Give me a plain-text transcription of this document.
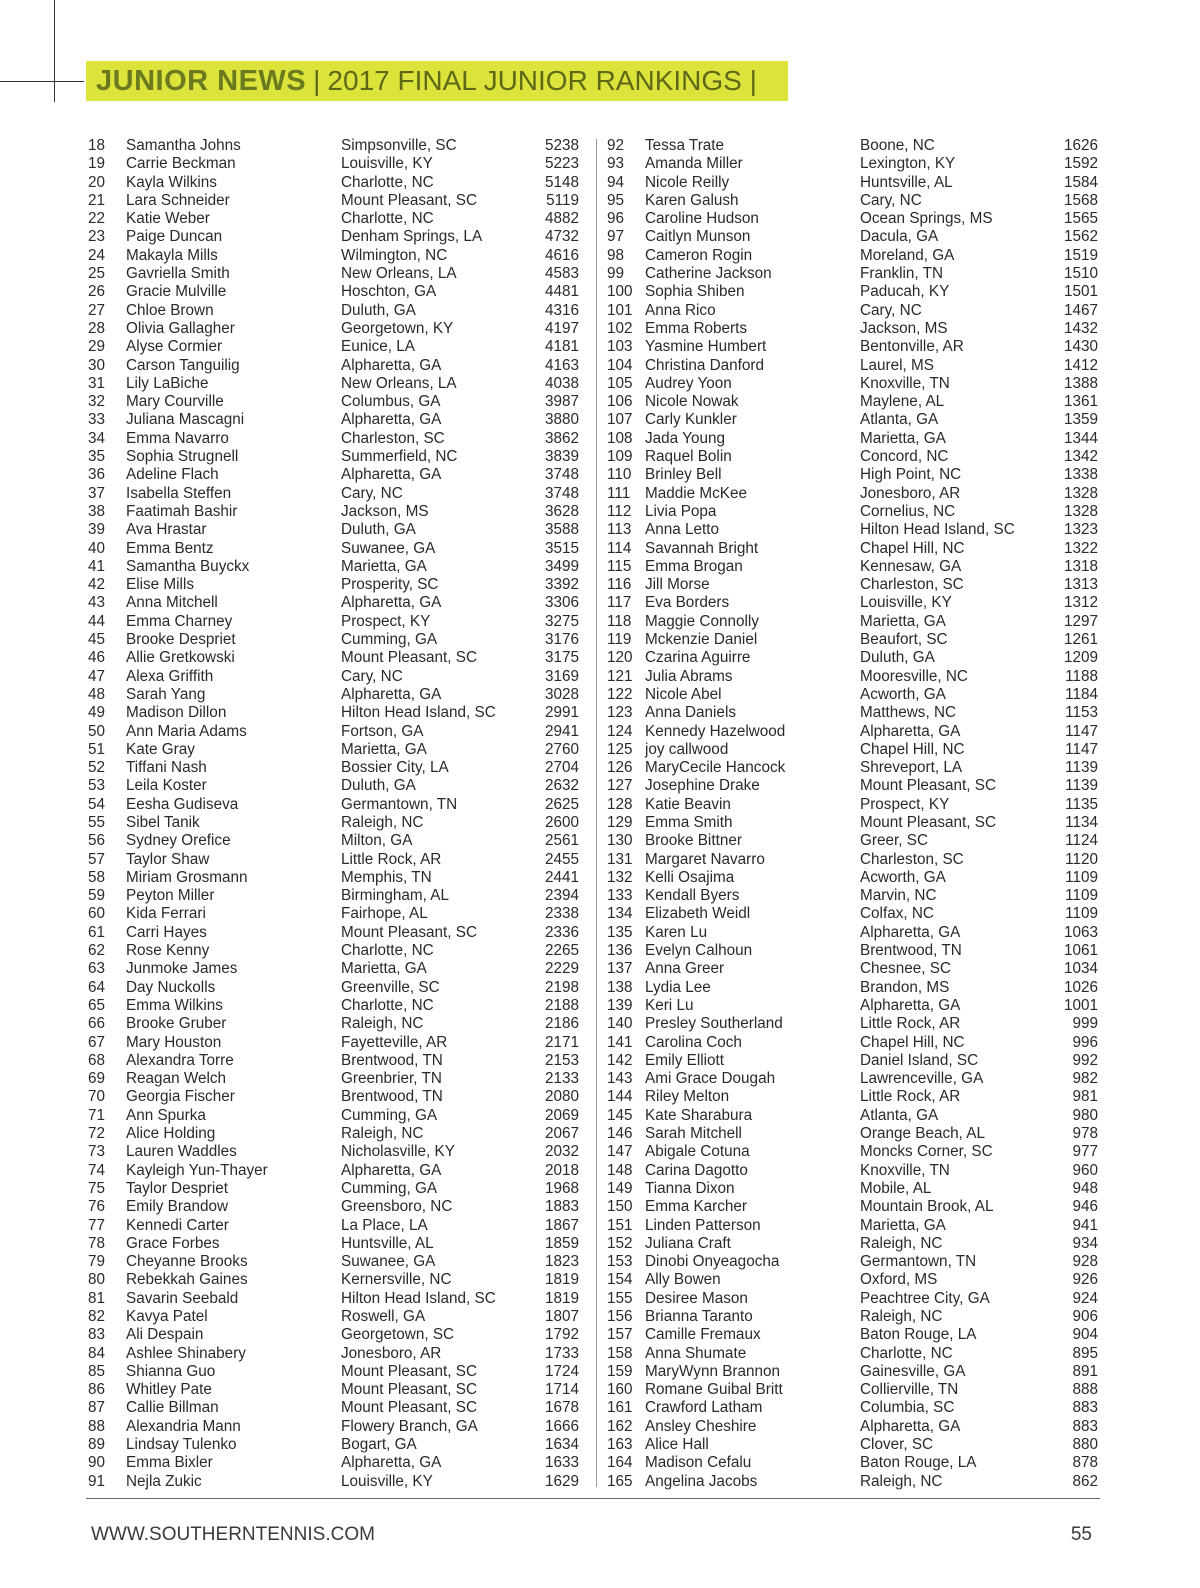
JUNIOR NEWS | 2017 FINAL JUNIOR RANKINGS |
18 Samantha Johns	Simpsonville, SC	5238
19 Carrie Beckman	Louisville, KY	5223
20 Kayla Wilkins	Charlotte, NC	5148
21 Lara Schneider	Mount Pleasant, SC	5119
22 Katie Weber	Charlotte, NC	4882
23 Paige Duncan	Denham Springs, LA	4732
24 Makayla Mills	Wilmington, NC	4616
25 Gavriella Smith	New Orleans, LA	4583
26 Gracie Mulville	Hoschton, GA	4481
27 Chloe Brown	Duluth, GA	4316
28 Olivia Gallagher	Georgetown, KY	4197
29 Alyse Cormier	Eunice, LA	4181
30 Carson Tanguilig	Alpharetta, GA	4163
31 Lily LaBiche	New Orleans, LA	4038
32 Mary Courville	Columbus, GA	3987
33 Juliana Mascagni	Alpharetta, GA	3880
34 Emma Navarro	Charleston, SC	3862
35 Sophia Strugnell	Summerfield, NC	3839
36 Adeline Flach	Alpharetta, GA	3748
37 Isabella Steffen	Cary, NC	3748
38 Faatimah Bashir	Jackson, MS	3628
39 Ava Hrastar	Duluth, GA	3588
40 Emma Bentz	Suwanee, GA	3515
41 Samantha Buyckx	Marietta, GA	3499
42 Elise Mills	Prosperity, SC	3392
43 Anna Mitchell	Alpharetta, GA	3306
44 Emma Charney	Prospect, KY	3275
45 Brooke Despriet	Cumming, GA	3176
46 Allie Gretkowski	Mount Pleasant, SC	3175
47 Alexa Griffith	Cary, NC	3169
48 Sarah Yang	Alpharetta, GA	3028
49 Madison Dillon	Hilton Head Island, SC	2991
50 Ann Maria Adams	Fortson, GA	2941
51 Kate Gray	Marietta, GA	2760
52 Tiffani Nash	Bossier City, LA	2704
53 Leila Koster	Duluth, GA	2632
54 Eesha Gudiseva	Germantown, TN	2625
55 Sibel Tanik	Raleigh, NC	2600
56 Sydney Orefice	Milton, GA	2561
57 Taylor Shaw	Little Rock, AR	2455
58 Miriam Grosmann	Memphis, TN	2441
59 Peyton Miller	Birmingham, AL	2394
60 Kida Ferrari	Fairhope, AL	2338
61 Carri Hayes	Mount Pleasant, SC	2336
62 Rose Kenny	Charlotte, NC	2265
63 Junmoke James	Marietta, GA	2229
64 Day Nuckolls	Greenville, SC	2198
65 Emma Wilkins	Charlotte, NC	2188
66 Brooke Gruber	Raleigh, NC	2186
67 Mary Houston	Fayetteville, AR	2171
68 Alexandra Torre	Brentwood, TN	2153
69 Reagan Welch	Greenbrier, TN	2133
70 Georgia Fischer	Brentwood, TN	2080
71 Ann Spurka	Cumming, GA	2069
72 Alice Holding	Raleigh, NC	2067
73 Lauren Waddles	Nicholasville, KY	2032
74 Kayleigh Yun-Thayer	Alpharetta, GA	2018
75 Taylor Despriet	Cumming, GA	1968
76 Emily Brandow	Greensboro, NC	1883
77 Kennedi Carter	La Place, LA	1867
78 Grace Forbes	Huntsville, AL	1859
79 Cheyanne Brooks	Suwanee, GA	1823
80 Rebekkah Gaines	Kernersville, NC	1819
81 Savarin Seebald	Hilton Head Island, SC	1819
82 Kavya Patel	Roswell, GA	1807
83 Ali Despain	Georgetown, SC	1792
84 Ashlee Shinabery	Jonesboro, AR	1733
85 Shianna Guo	Mount Pleasant, SC	1724
86 Whitley Pate	Mount Pleasant, SC	1714
87 Callie Billman	Mount Pleasant, SC	1678
88 Alexandria Mann	Flowery Branch, GA	1666
89 Lindsay Tulenko	Bogart, GA	1634
90 Emma Bixler	Alpharetta, GA	1633
91 Nejla Zukic	Louisville, KY	1629
92 Tessa Trate	Boone, NC	1626
93 Amanda Miller	Lexington, KY	1592
94 Nicole Reilly	Huntsville, AL	1584
95 Karen Galush	Cary, NC	1568
96 Caroline Hudson	Ocean Springs, MS	1565
97 Caitlyn Munson	Dacula, GA	1562
98 Cameron Rogin	Moreland, GA	1519
99 Catherine Jackson	Franklin, TN	1510
100 Sophia Shiben	Paducah, KY	1501
101 Anna Rico	Cary, NC	1467
102 Emma Roberts	Jackson, MS	1432
103 Yasmine Humbert	Bentonville, AR	1430
104 Christina Danford	Laurel, MS	1412
105 Audrey Yoon	Knoxville, TN	1388
106 Nicole Nowak	Maylene, AL	1361
107 Carly Kunkler	Atlanta, GA	1359
108 Jada Young	Marietta, GA	1344
109 Raquel Bolin	Concord, NC	1342
110 Brinley Bell	High Point, NC	1338
111 Maddie McKee	Jonesboro, AR	1328
112 Livia Popa	Cornelius, NC	1328
113 Anna Letto	Hilton Head Island, SC	1323
114 Savannah Bright	Chapel Hill, NC	1322
115 Emma Brogan	Kennesaw, GA	1318
116 Jill Morse	Charleston, SC	1313
117 Eva Borders	Louisville, KY	1312
118 Maggie Connolly	Marietta, GA	1297
119 Mckenzie Daniel	Beaufort, SC	1261
120 Czarina Aguirre	Duluth, GA	1209
121 Julia Abrams	Mooresville, NC	1188
122 Nicole Abel	Acworth, GA	1184
123 Anna Daniels	Matthews, NC	1153
124 Kennedy Hazelwood	Alpharetta, GA	1147
125 joy callwood	Chapel Hill, NC	1147
126 MaryCecile Hancock	Shreveport, LA	1139
127 Josephine Drake	Mount Pleasant, SC	1139
128 Katie Beavin	Prospect, KY	1135
129 Emma Smith	Mount Pleasant, SC	1134
130 Brooke Bittner	Greer, SC	1124
131 Margaret Navarro	Charleston, SC	1120
132 Kelli Osajima	Acworth, GA	1109
133 Kendall Byers	Marvin, NC	1109
134 Elizabeth Weidl	Colfax, NC	1109
135 Karen Lu	Alpharetta, GA	1063
136 Evelyn Calhoun	Brentwood, TN	1061
137 Anna Greer	Chesnee, SC	1034
138 Lydia Lee	Brandon, MS	1026
139 Keri Lu	Alpharetta, GA	1001
140 Presley Southerland	Little Rock, AR	999
141 Carolina Coch	Chapel Hill, NC	996
142 Emily Elliott	Daniel Island, SC	992
143 Ami Grace Dougah	Lawrenceville, GA	982
144 Riley Melton	Little Rock, AR	981
145 Kate Sharabura	Atlanta, GA	980
146 Sarah Mitchell	Orange Beach, AL	978
147 Abigale Cotuna	Moncks Corner, SC	977
148 Carina Dagotto	Knoxville, TN	960
149 Tianna Dixon	Mobile, AL	948
150 Emma Karcher	Mountain Brook, AL	946
151 Linden Patterson	Marietta, GA	941
152 Juliana Craft	Raleigh, NC	934
153 Dinobi Onyeagocha	Germantown, TN	928
154 Ally Bowen	Oxford, MS	926
155 Desiree Mason	Peachtree City, GA	924
156 Brianna Taranto	Raleigh, NC	906
157 Camille Fremaux	Baton Rouge, LA	904
158 Anna Shumate	Charlotte, NC	895
159 MaryWynn Brannon	Gainesville, GA	891
160 Romane Guibal Britt	Collierville, TN	888
161 Crawford Latham	Columbia, SC	883
162 Ansley Cheshire	Alpharetta, GA	883
163 Alice Hall	Clover, SC	880
164 Madison Cefalu	Baton Rouge, LA	878
165 Angelina Jacobs	Raleigh, NC	862
WWW.SOUTHERNTENNIS.COM	55
